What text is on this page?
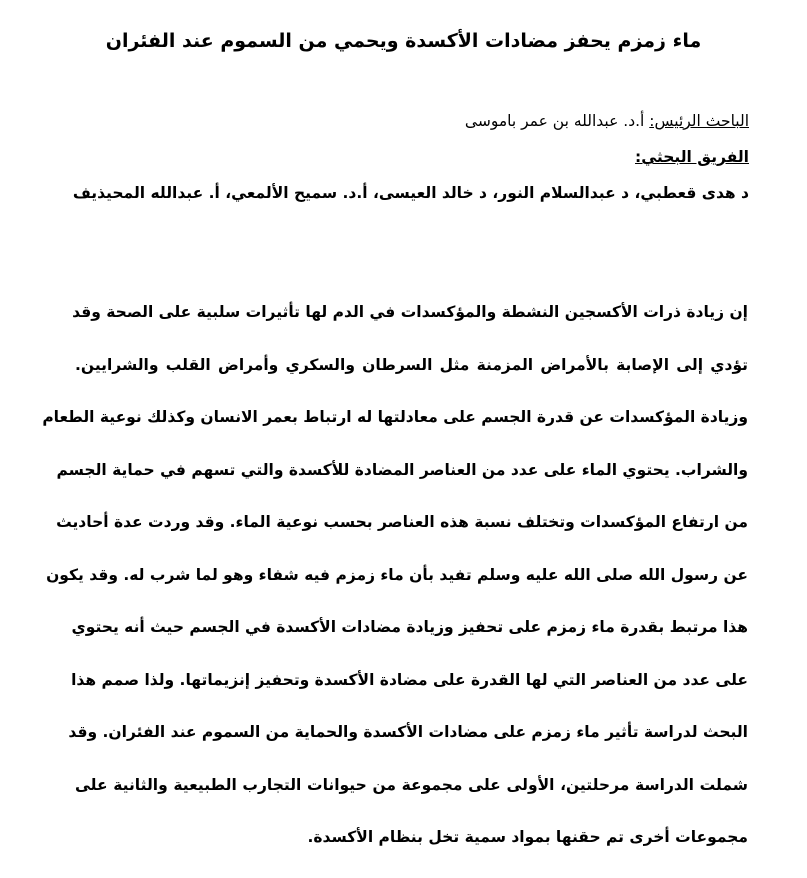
ماء زمزم يحفز مضادات الأكسدة ويحمي من السموم عند الفئران
الباحث الرئيس: أ.د. عبدالله بن عمر باموسى
الفريق البحثي:
د هدى قعطبي، د عبدالسلام النور، د خالد العيسى، أ.د. سميح الألمعي، أ. عبدالله المحيذيف
إن زيادة ذرات الأكسجين النشطة والمؤكسدات في الدم لها تأثيرات سلبية على الصحة وقد
تؤدي إلى الإصابة بالأمراض المزمنة مثل السرطان والسكري وأمراض القلب والشرايين.
وزيادة المؤكسدات عن قدرة الجسم على معادلتها له ارتباط بعمر الانسان وكذلك نوعية الطعام
والشراب. يحتوي الماء على عدد من العناصر المضادة للأكسدة والتي تسهم في حماية الجسم
من ارتفاع المؤكسدات وتختلف نسبة هذه العناصر بحسب نوعية الماء. وقد وردت عدة أحاديث
عن رسول الله صلى الله عليه وسلم تفيد بأن ماء زمزم فيه شفاء وهو لما شرب له. وقد يكون
هذا مرتبط بقدرة ماء زمزم على تحفيز وزيادة مضادات الأكسدة في الجسم حيث أنه يحتوي
على عدد من العناصر التي لها القدرة على مضادة الأكسدة وتحفيز إنزيماتها. ولذا صمم هذا
البحث لدراسة تأثير ماء زمزم على مضادات الأكسدة والحماية من السموم عند الفئران. وقد
شملت الدراسة مرحلتين، الأولى على مجموعة من حيوانات التجارب الطبيعية والثانية على
مجموعات أخرى تم حقنها بمواد سمية تخل بنظام الأكسدة.
